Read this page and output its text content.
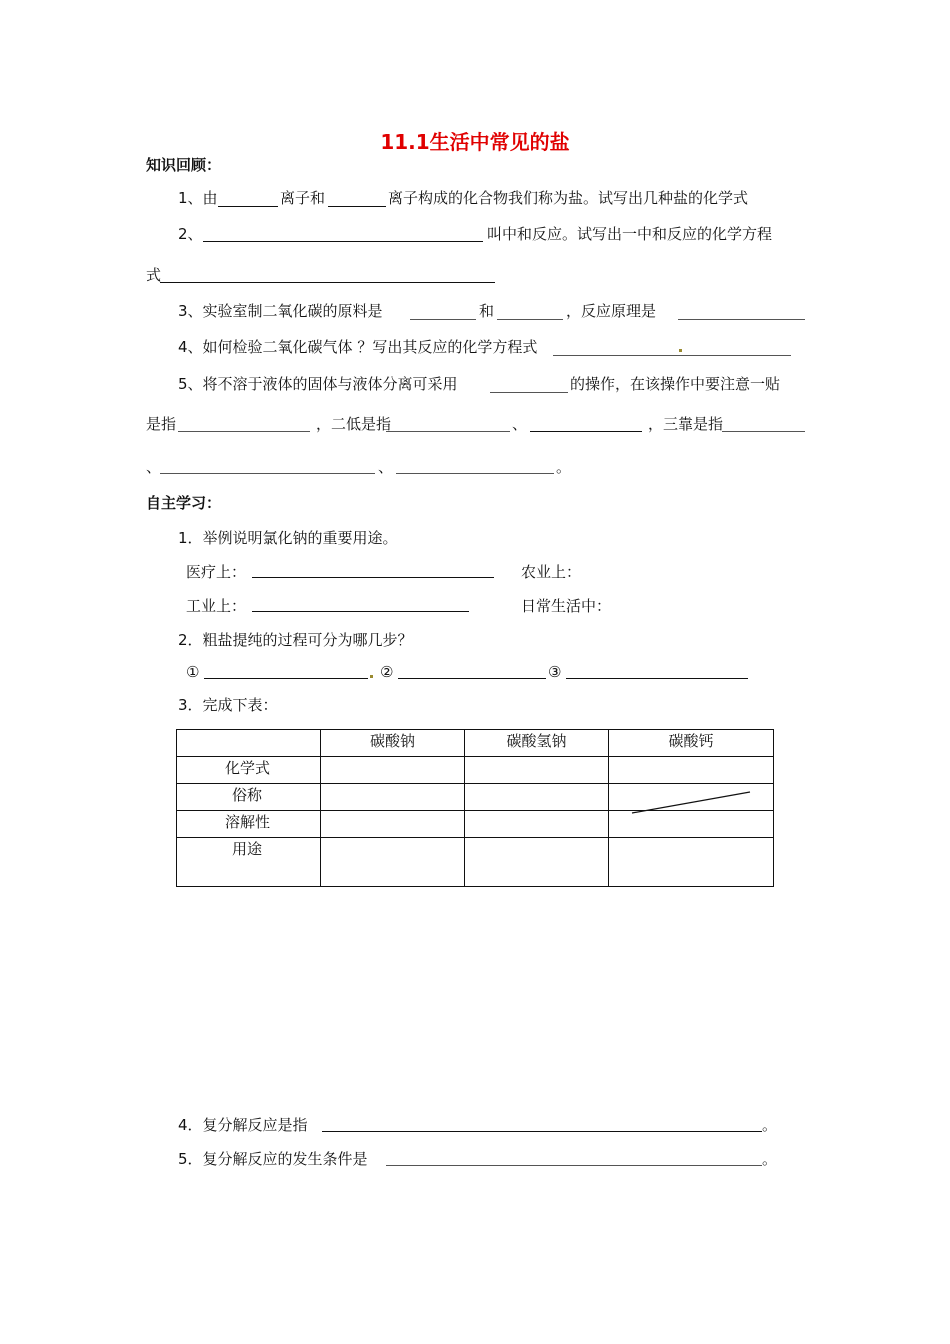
11.1生活中常见的盐
知识回顾：
1、由	离子和	离子构成的化合物我们称为盐。试写出几种盐的化学式
2、	叫中和反应。试写出一中和反应的化学方程
式
3、实验室制二氧化碳的原料是	和	，反应原理是
4、如何检验二氧化碳气体 ？写出其反应的化学方程式
5、将不溶于液体的固体与液体分离可采用	的操作，在该操作中要注意一贴
是指	，二低是指	、	，三靠是指
、	、	。
自主学习：
1．举例说明氯化钠的重要用途。
医疗上：	农业上：
工业上：	日常生活中：
2．粗盐提纯的过程可分为哪几步？
①	②	③
3．完成下表：
	碳酸钠	碳酸氢钠	碳酸钙
化学式			
俗称			
溶解性			
用途			
4．复分解反应是指	。
5．复分解反应的发生条件是	。
